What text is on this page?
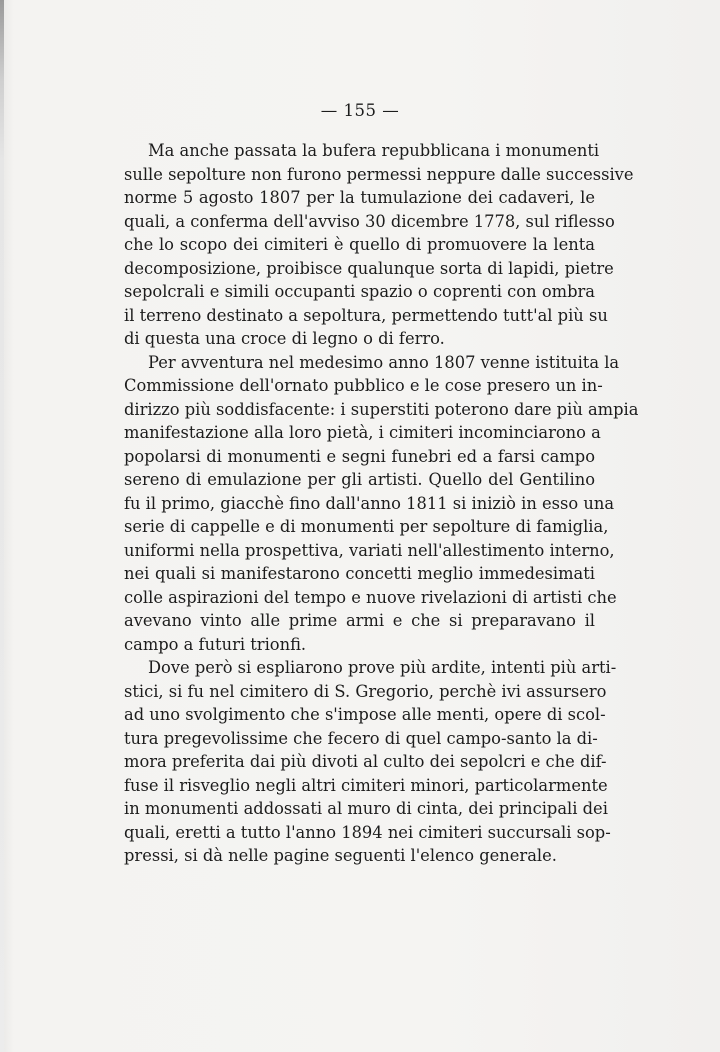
— 155 —
Ma anche passata la bufera repubblicana i monumenti
sulle sepolture non furono permessi neppure dalle successive
norme 5 agosto 1807 per la tumulazione dei cadaveri, le
quali, a conferma dell'avviso 30 dicembre 1778, sul riflesso
che lo scopo dei cimiteri è quello di promuovere la lenta
decomposizione, proibisce qualunque sorta di lapidi, pietre
sepolcrali e simili occupanti spazio o coprenti con ombra
il terreno destinato a sepoltura, permettendo tutt'al più su
di questa una croce di legno o di ferro.
Per avventura nel medesimo anno 1807 venne istituita la
Commissione dell'ornato pubblico e le cose presero un in-
dirizzo più soddisfacente: i superstiti poterono dare più ampia
manifestazione alla loro pietà, i cimiteri incominciarono a
popolarsi di monumenti e segni funebri ed a farsi campo
sereno di emulazione per gli artisti. Quello del Gentilino
fu il primo, giacchè fino dall'anno 1811 si iniziò in esso una
serie di cappelle e di monumenti per sepolture di famiglia,
uniformi nella prospettiva, variati nell'allestimento interno,
nei quali si manifestarono concetti meglio immedesimati
colle aspirazioni del tempo e nuove rivelazioni di artisti che
avevano vinto alle prime armi e che si preparavano il
campo a futuri trionfi.
Dove però si espliarono prove più ardite, intenti più arti-
stici, si fu nel cimitero di S. Gregorio, perchè ivi assursero
ad uno svolgimento che s'impose alle menti, opere di scol-
tura pregevolissime che fecero di quel campo-santo la di-
mora preferita dai più divoti al culto dei sepolcri e che dif-
fuse il risveglio negli altri cimiteri minori, particolarmente
in monumenti addossati al muro di cinta, dei principali dei
quali, eretti a tutto l'anno 1894 nei cimiteri succursali sop-
pressi, si dà nelle pagine seguenti l'elenco generale.
